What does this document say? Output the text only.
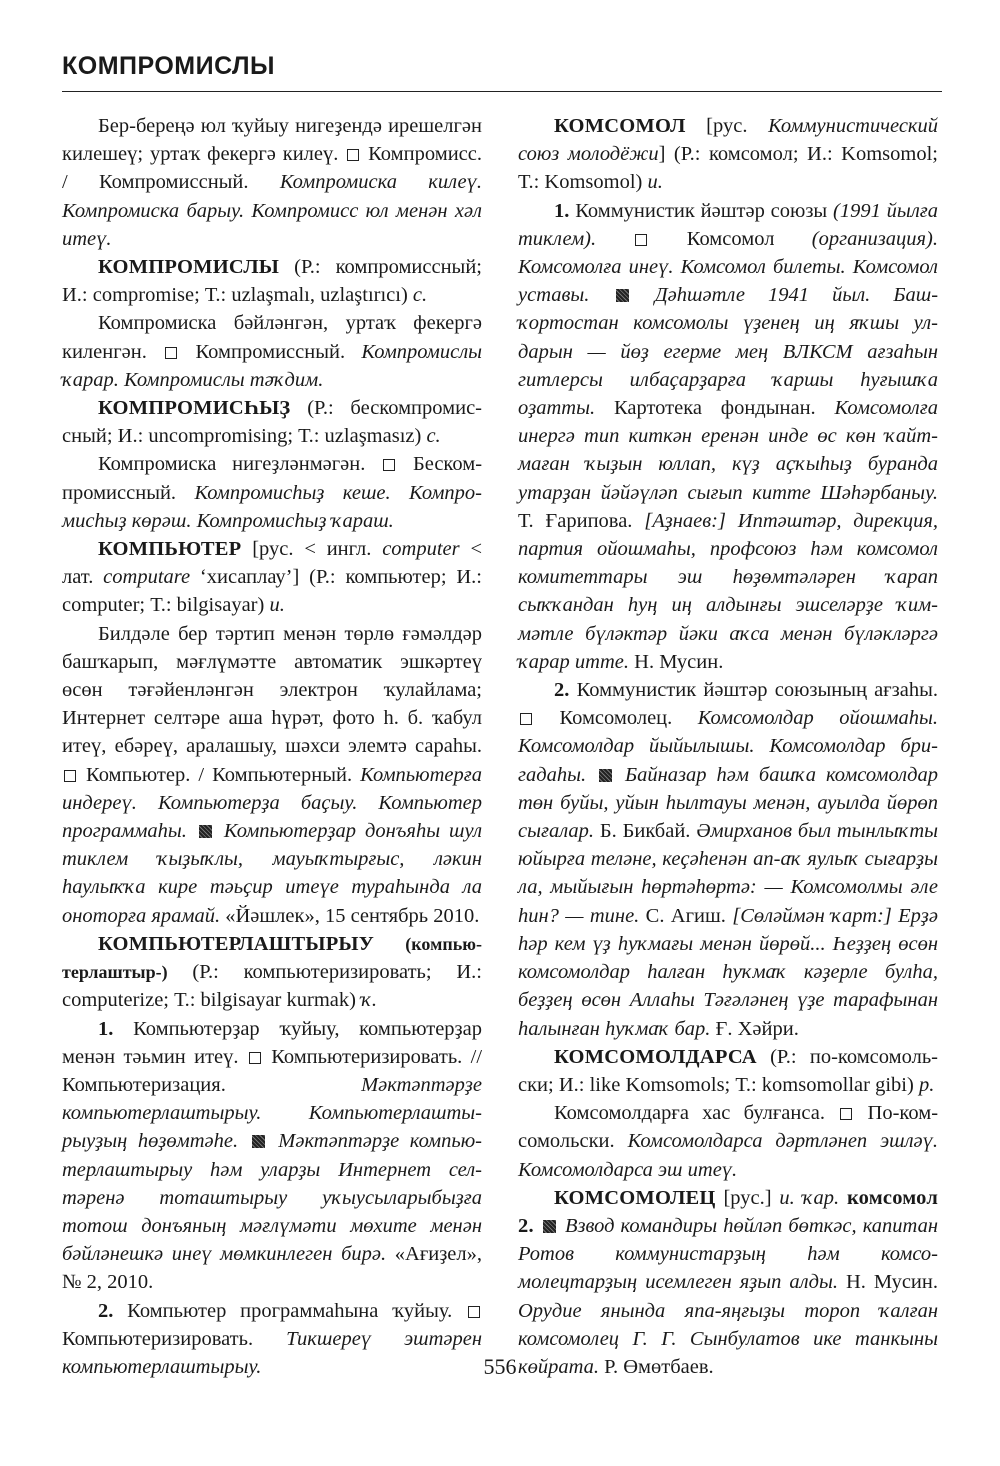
КОМПРОМИСЛЫ

Бер-береңә юл ҡуйыу нигеҙендә ирешелгән килешеү; уртаҡ фекергә килеү. Компромисс. / Компромиссный. Компромиска килеү. Компромиска барыу. Компромисс юл менән хәл итеү.

КОМПРОМИСЛЫ (Р.: компромиссный; И.: compromise; Т.: uzlaşmalı, uzlaştırıcı) с.

Компромиска бәйләнгән, уртаҡ фекергә киленгән. Компромиссный. Компромислы ҡарар. Компромислы тәҡдим.

КОМПРОМИСҺЫҘ (Р.: бескомпромиссный; И.: uncompromising; Т.: uzlaşmasız) с.

Компромиска нигеҙләнмәгән. Бескомпромиссный. Компромисһыҙ кеше. Компромисһыҙ көрәш. Компромисһыҙ ҡараш.

КОМПЬЮТЕР [рус. < ингл. computer < лат. computare ‘хисаплау’] (Р.: компьютер; И.: computer; Т.: bilgisayar) и.

Билдәле бер тәртип менән төрлө ғәмәлдәр башҡарып, мәғлүмәтте автоматик эшкәртеү өсөн тәғәйенләнгән электрон ҡулайлама; Интернет селтәре аша һүрәт, фото һ. б. ҡабул итеү, ебәреү, аралашыу, шәхси элемтә сараһы.  Компьютер. / Компьютерный. Компьютерға индереү. Компьютерҙа баҫыу. Компьютер программаһы. Компьютерҙар донъяһы шул тиклем ҡыҙыҡлы, мауыҡтырғыс, ләкин һаулыҡҡа кире тәьҫир итеүе тураһында ла оноторға ярамай. «Йәшлек», 15 сентябрь 2010.

КОМПЬЮТЕРЛАШТЫРЫУ (компьютерлаштыр-) (Р.: компьютеризировать; И.: computerize; Т.: bilgisayar kurmak) ҡ.

1. Компьютерҙар ҡуйыу, компьютерҙар менән тәьмин итеү. Компьютеризировать. // Компьютеризация.	Мәктәптәрҙе компьютерлаштырыу. Компьютерлаштырыуҙың һөҙөмтәһе. Мәктәптәрҙе компьютерлаштырыу һәм уларҙы Интернет селтәренә тоташтырыу уҡыусыларыбыҙға тотош донъяның мәғлүмәти мөхите менән бәйләнешкә инеү мөмкинлеген бирә. «Ағиҙел», № 2, 2010.

2. Компьютер программаһына ҡуйыу.  Компьютеризировать. Тикшереү эштәрен компьютерлаштырыу.

КОМСОМОЛ [рус. Коммунистический союз молодёжи] (Р.: комсомол; И.: Komsomol; Т.: Komsomol) и.

1. Коммунистик йәштәр союзы (1991 йылға тиклем).	Комсомол (организация). Комсомолға инеү. Комсомол билеты. Комсомол уставы.	Дәһшәтле 1941 йыл. Башҡортостан комсомолы үҙенең иң яҡшы улдарын — йөҙ егерме мең ВЛКСМ ағзаһын гитлерсы илбаҫарҙарға ҡаршы һуғышҡа оҙатты. Картотека фондынан. Комсомолға инергә тип киткән еренән инде өс көн ҡайтмаған ҡыҙын юллап, күҙ аҫҡыһыҙ буранда утарҙан йәйәүләп сығып китте Шәһәрбаныу. Т. Ғарипова. [Аҙнаев:] Иптәштәр, дирекция, партия ойошмаһы, профсоюз һәм комсомол комитеттары эш һөҙөмтәләрен ҡарап сыҡҡандан һуң иң алдынғы эшселәрҙе ҡиммәтле бүләктәр йәки аҡса менән бүләкләргә ҡарар итте. Н. Мусин.

2. Коммунистик йәштәр союзының ағзаһы.  Комсомолец. Комсомолдар ойошмаһы. Комсомолдар йыйылышы. Комсомолдар бригадаһы. Байназар һәм башҡа комсомолдар төн буйы, уйын һылтауы менән, ауылда йөрөп сығалар. Б. Бикбай. Әмирханов был тынлыҡты юйырға теләне, кеҫәһенән ап-аҡ яулыҡ сығарҙы ла, мыйығын һөртәһөртә: — Комсомолмы әле һин? — тине. С. Агиш. [Сөләймән ҡарт:] Ерҙә һәр кем үҙ һуҡмағы менән йөрөй... Һеҙҙең өсөн комсомолдар һалған һуҡмаҡ кәҙерле булһа, беҙҙең өсөн Аллаһы Тәғәләнең үҙе тарафынан һалынған һуҡмаҡ бар. Ғ. Хәйри.

КОМСОМОЛДАРСА (Р.: по-комсомольски; И.: like Komsomols; Т.: komsomollar gibi) р.

Комсомолдарға хас булғанса. По-комсомольски. Комсомолдарса дәртләнеп эшләү. Комсомолдарса эш итеү.

КОМСОМОЛЕЦ [рус.] и. ҡар. комсомол 2. Взвод командиры һөйләп бөткәс, капитан Ротов коммунистарҙың һәм комсомолецтарҙың исемлеген яҙып алды. Н. Мусин. Орудие янында япа-яңғыҙы тороп ҡалған комсомолец Г. Г. Сынбулатов ике танкыны көйрата. Р. Өмөтбаев.

556
